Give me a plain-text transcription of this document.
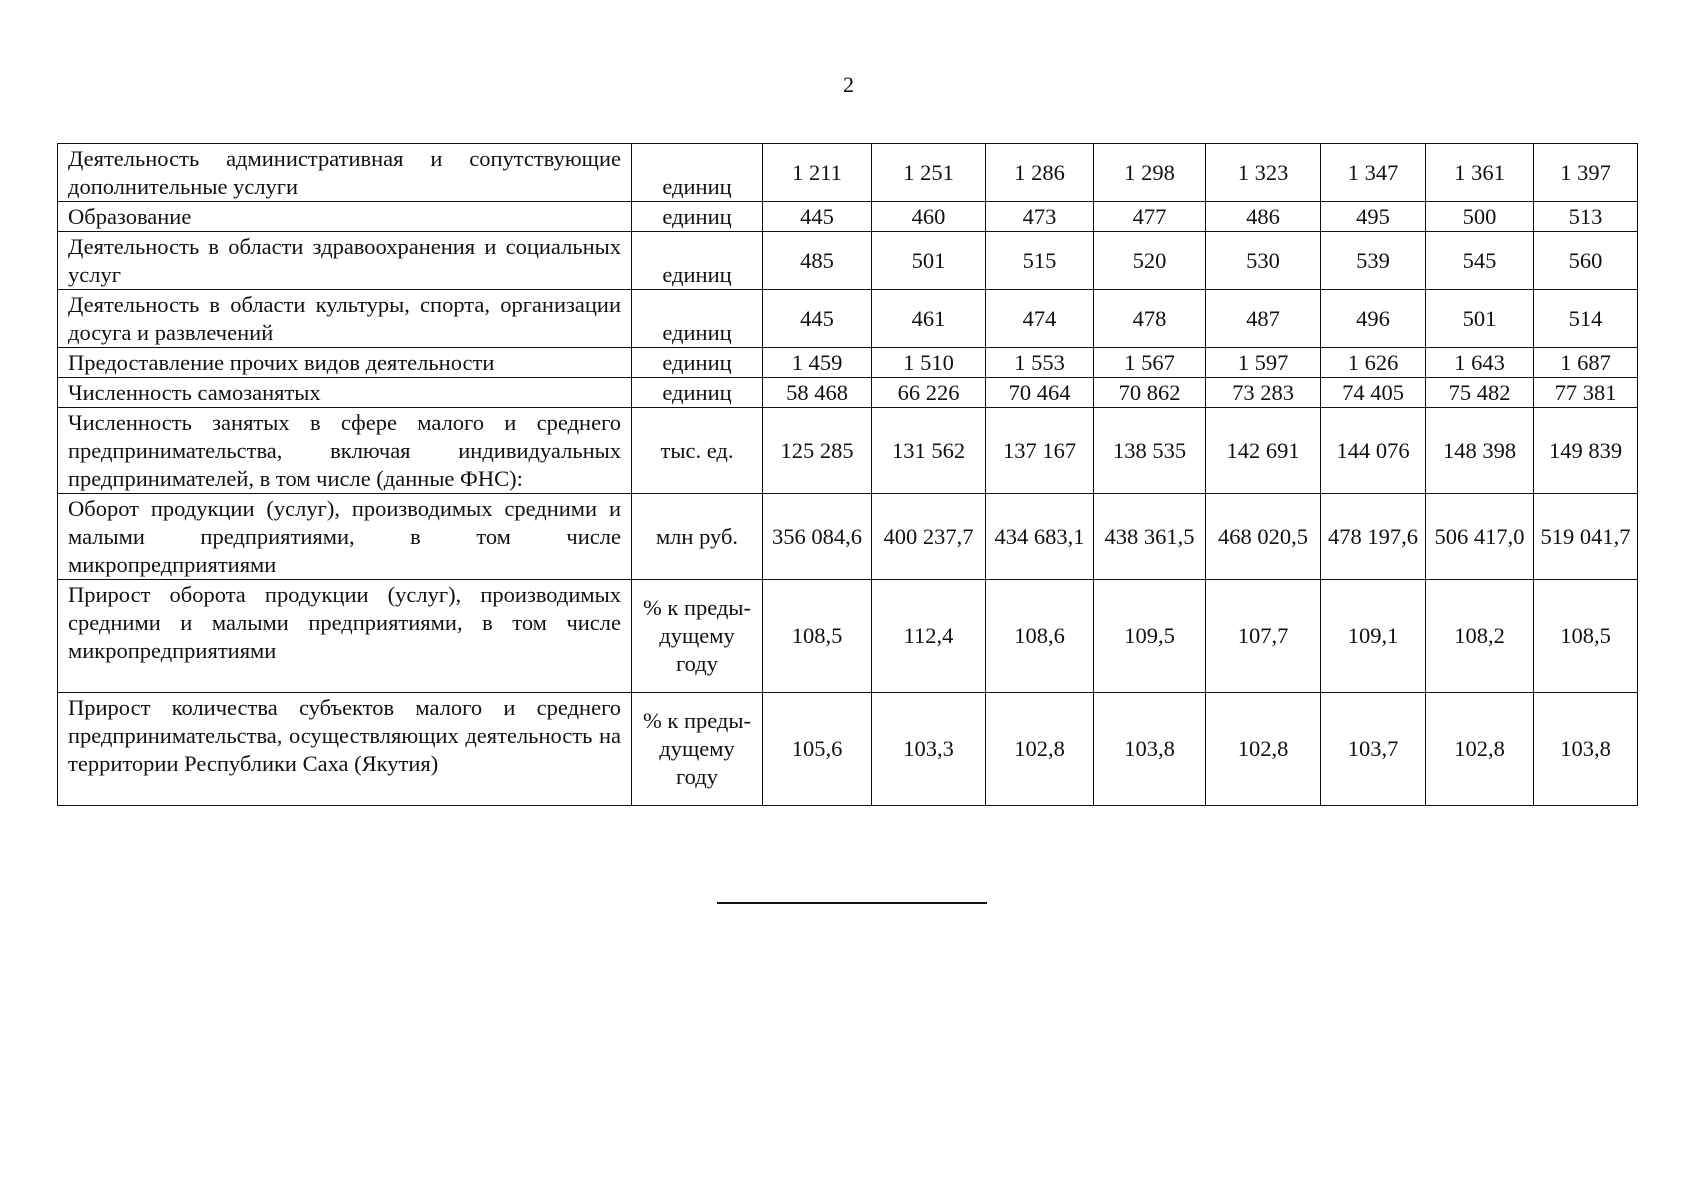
2
Деятельность административная и сопутствующие дополнительные услуги	единиц	1 211	1 251	1 286	1 298	1 323	1 347	1 361	1 397
Образование	единиц	445	460	473	477	486	495	500	513
Деятельность в области здравоохранения и социальных услуг	единиц	485	501	515	520	530	539	545	560
Деятельность в области культуры, спорта, организации досуга и развлечений	единиц	445	461	474	478	487	496	501	514
Предоставление прочих видов деятельности	единиц	1 459	1 510	1 553	1 567	1 597	1 626	1 643	1 687
Численность самозанятых	единиц	58 468	66 226	70 464	70 862	73 283	74 405	75 482	77 381
Численность занятых в сфере малого и среднего предпринимательства, включая индивидуальных предпринимателей, в том числе (данные ФНС):	тыс. ед.	125 285	131 562	137 167	138 535	142 691	144 076	148 398	149 839
Оборот продукции (услуг), производимых средними и малыми предприятиями, в том числе микропредприятиями	млн руб.	356 084,6	400 237,7	434 683,1	438 361,5	468 020,5	478 197,6	506 417,0	519 041,7
Прирост оборота продукции (услуг), производимых средними и малыми предприятиями, в том числе микропредприятиями	% к преды-дущему году	108,5	112,4	108,6	109,5	107,7	109,1	108,2	108,5
Прирост количества субъектов малого и среднего предпринимательства, осуществляющих деятельность на территории Республики Саха (Якутия)	% к преды-дущему году	105,6	103,3	102,8	103,8	102,8	103,7	102,8	103,8
